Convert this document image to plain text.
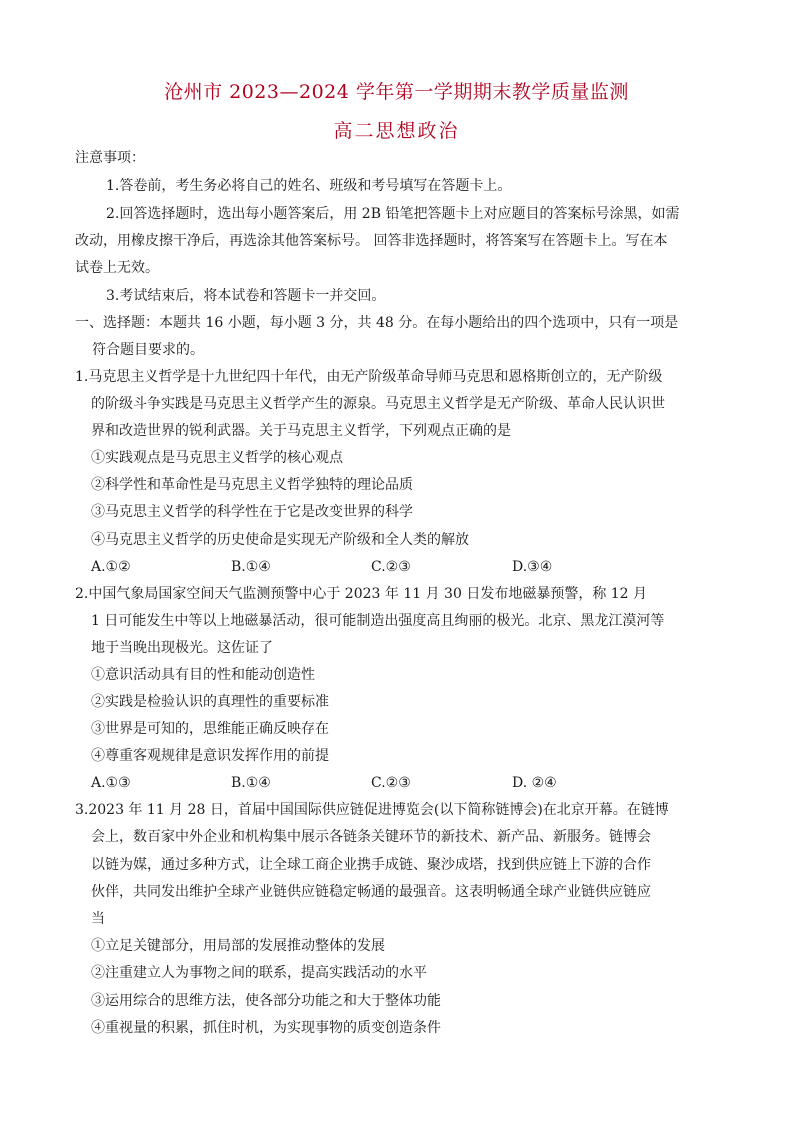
沧州市 2023—2024 学年第一学期期末教学质量监测
高二思想政治
注意事项：
1.答卷前，考生务必将自己的姓名、班级和考号填写在答题卡上。
2.回答选择题时，选出每小题答案后，用 2B 铅笔把答题卡上对应题目的答案标号涂黑，如需
改动，用橡皮擦干净后，再选涂其他答案标号。 回答非选择题时，将答案写在答题卡上。写在本
试卷上无效。
3.考试结束后，将本试卷和答题卡一并交回。
一、选择题：本题共 16 小题，每小题 3 分，共 48 分。在每小题给出的四个选项中，只有一项是
符合题目要求的。
1.马克思主义哲学是十九世纪四十年代，由无产阶级革命导师马克思和恩格斯创立的，无产阶级
的阶级斗争实践是马克思主义哲学产生的源泉。马克思主义哲学是无产阶级、革命人民认识世
界和改造世界的锐利武器。关于马克思主义哲学，下列观点正确的是
①实践观点是马克思主义哲学的核心观点
②科学性和革命性是马克思主义哲学独特的理论品质
③马克思主义哲学的科学性在于它是改变世界的科学
④马克思主义哲学的历史使命是实现无产阶级和全人类的解放
A.①②	B.①④	C.②③	D.③④
2.中国气象局国家空间天气监测预警中心于 2023 年 11 月 30 日发布地磁暴预警，称 12 月
1 日可能发生中等以上地磁暴活动，很可能制造出强度高且绚丽的极光。北京、黑龙江漠河等
地于当晚出现极光。这佐证了
①意识活动具有目的性和能动创造性
②实践是检验认识的真理性的重要标准
③世界是可知的，思维能正确反映存在
④尊重客观规律是意识发挥作用的前提
A.①③	B.①④	C.②③	D. ②④
3.2023 年 11 月 28 日，首届中国国际供应链促进博览会(以下简称链博会)在北京开幕。在链博
会上，数百家中外企业和机构集中展示各链条关键环节的新技术、新产品、新服务。链博会
以链为媒，通过多种方式，让全球工商企业携手成链、聚沙成塔，找到供应链上下游的合作
伙伴，共同发出维护全球产业链供应链稳定畅通的最强音。这表明畅通全球产业链供应链应
当
①立足关键部分，用局部的发展推动整体的发展
②注重建立人为事物之间的联系，提高实践活动的水平
③运用综合的思维方法，使各部分功能之和大于整体功能
④重视量的积累，抓住时机，为实现事物的质变创造条件
